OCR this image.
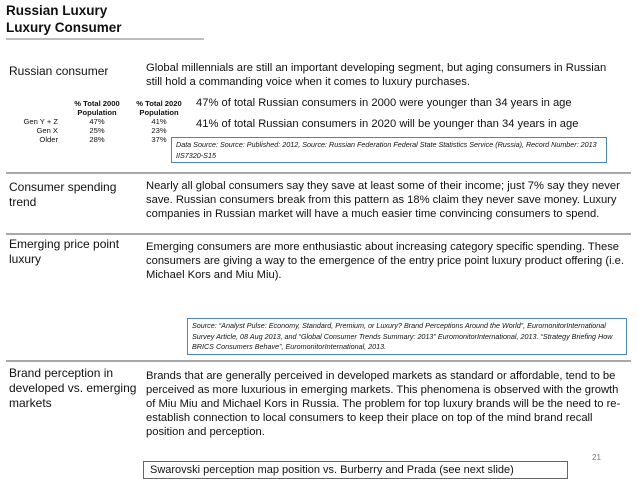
Russian Luxury
Luxury Consumer
Russian consumer	Global millennials are still an important developing segment, but aging consumers in Russian still hold a commanding voice when it comes to luxury purchases.
	% Total 2000 Population	% Total 2020 Population
Gen Y + Z	47%	41%
Gen X	25%	23%
Older	28%	37%
47% of total Russian consumers in 2000 were younger than 34 years in age
41% of total Russian consumers in 2020 will be younger than 34 years in age
Data Source: Source: Published: 2012, Source: Russian Federation Federal State Statistics Service (Russia), Record Number: 2013 IIS7320-S15
Consumer spending trend
Nearly all global consumers say they save at least some of their income; just 7% say they never save. Russian consumers break from this pattern as 18% claim they never save money. Luxury companies in Russian market will have a much easier time convincing consumers to spend.
Emerging price point luxury
Emerging consumers are more enthusiastic about increasing category specific spending. These consumers are giving a way to the emergence of the entry price point luxury product offering (i.e. Michael Kors and Miu Miu).
Source: “Analyst Pulse: Economy, Standard, Premium, or Luxury? Brand Perceptions Around the World”, EuromonitorInternational Survey Article, 08 Aug 2013, and “Global Consumer Trends Summary: 2013” EuromonitorInternational, 2013. “Strategy Briefing How BRICS Consumers Behave”, EuromonitorInternational, 2013.
Brand perception in developed vs. emerging markets
Brands that are generally perceived in developed markets as standard or affordable, tend to be perceived as more luxurious in emerging markets. This phenomena is observed with the growth of Miu Miu and Michael Kors in Russia. The problem for top luxury brands will be the need to re-establish connection to local consumers to keep their place on top of the mind brand recall position and perception.
21
Swarovski perception map position vs. Burberry and Prada (see next slide)
